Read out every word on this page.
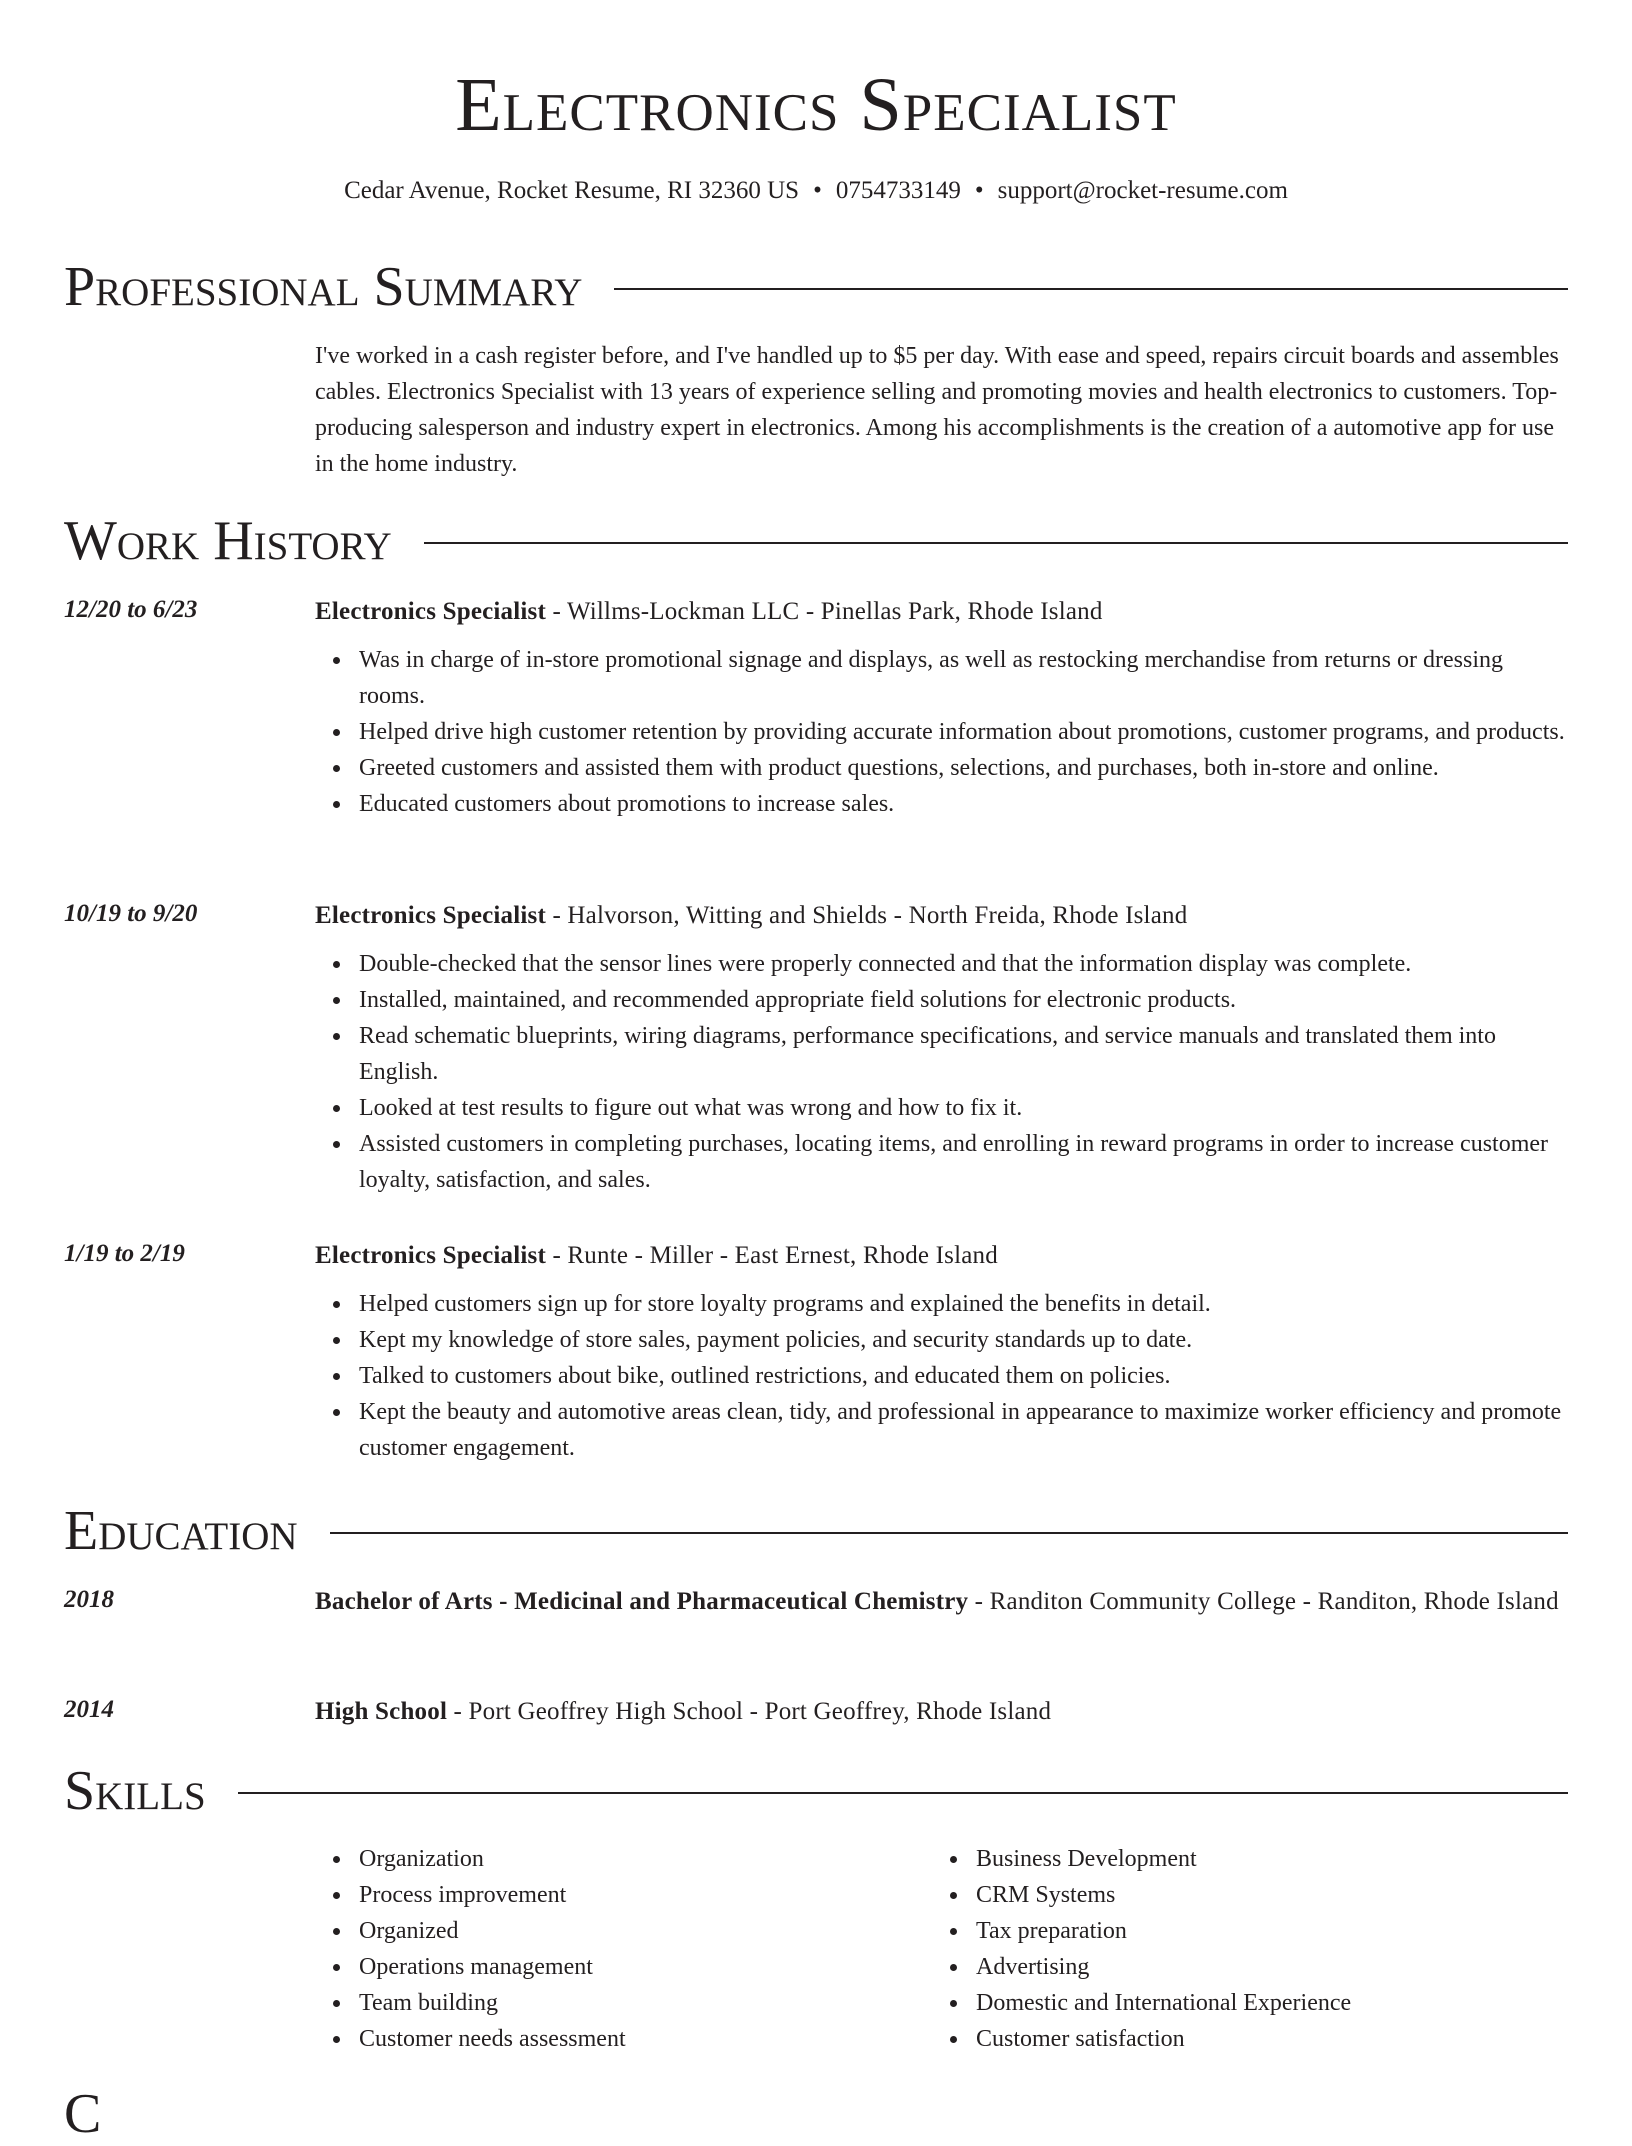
Electronics Specialist
Cedar Avenue, Rocket Resume, RI 32360 US • 0754733149 • support@rocket-resume.com
Professional Summary

I've worked in a cash register before, and I've handled up to $5 per day. With ease and speed, repairs circuit boards and assembles cables. Electronics Specialist with 13 years of experience selling and promoting movies and health electronics to customers. Top-producing salesperson and industry expert in electronics. Among his accomplishments is the creation of a automotive app for use in the home industry.

Work History
12/20 to 6/23	Electronics Specialist - Willms-Lockman LLC - Pinellas Park, Rhode Island
Was in charge of in-store promotional signage and displays, as well as restocking merchandise from returns or dressing rooms.
Helped drive high customer retention by providing accurate information about promotions, customer programs, and products.
Greeted customers and assisted them with product questions, selections, and purchases, both in-store and online.
Educated customers about promotions to increase sales.
10/19 to 9/20	Electronics Specialist - Halvorson, Witting and Shields - North Freida, Rhode Island
Double-checked that the sensor lines were properly connected and that the information display was complete.
Installed, maintained, and recommended appropriate field solutions for electronic products.
Read schematic blueprints, wiring diagrams, performance specifications, and service manuals and translated them into English.
Looked at test results to figure out what was wrong and how to fix it.
Assisted customers in completing purchases, locating items, and enrolling in reward programs in order to increase customer loyalty, satisfaction, and sales.
1/19 to 2/19	Electronics Specialist - Runte - Miller - East Ernest, Rhode Island
Helped customers sign up for store loyalty programs and explained the benefits in detail.
Kept my knowledge of store sales, payment policies, and security standards up to date.
Talked to customers about bike, outlined restrictions, and educated them on policies.
Kept the beauty and automotive areas clean, tidy, and professional in appearance to maximize worker efficiency and promote customer engagement.
Education
2018	Bachelor of Arts - Medicinal and Pharmaceutical Chemistry - Randiton Community College - Randiton, Rhode Island
2014	High School - Port Geoffrey High School - Port Geoffrey, Rhode Island
Skills
Organization
Process improvement
Organized
Operations management
Team building
Customer needs assessment
Business Development
CRM Systems
Tax preparation
Advertising
Domestic and International Experience
Customer satisfaction
C
